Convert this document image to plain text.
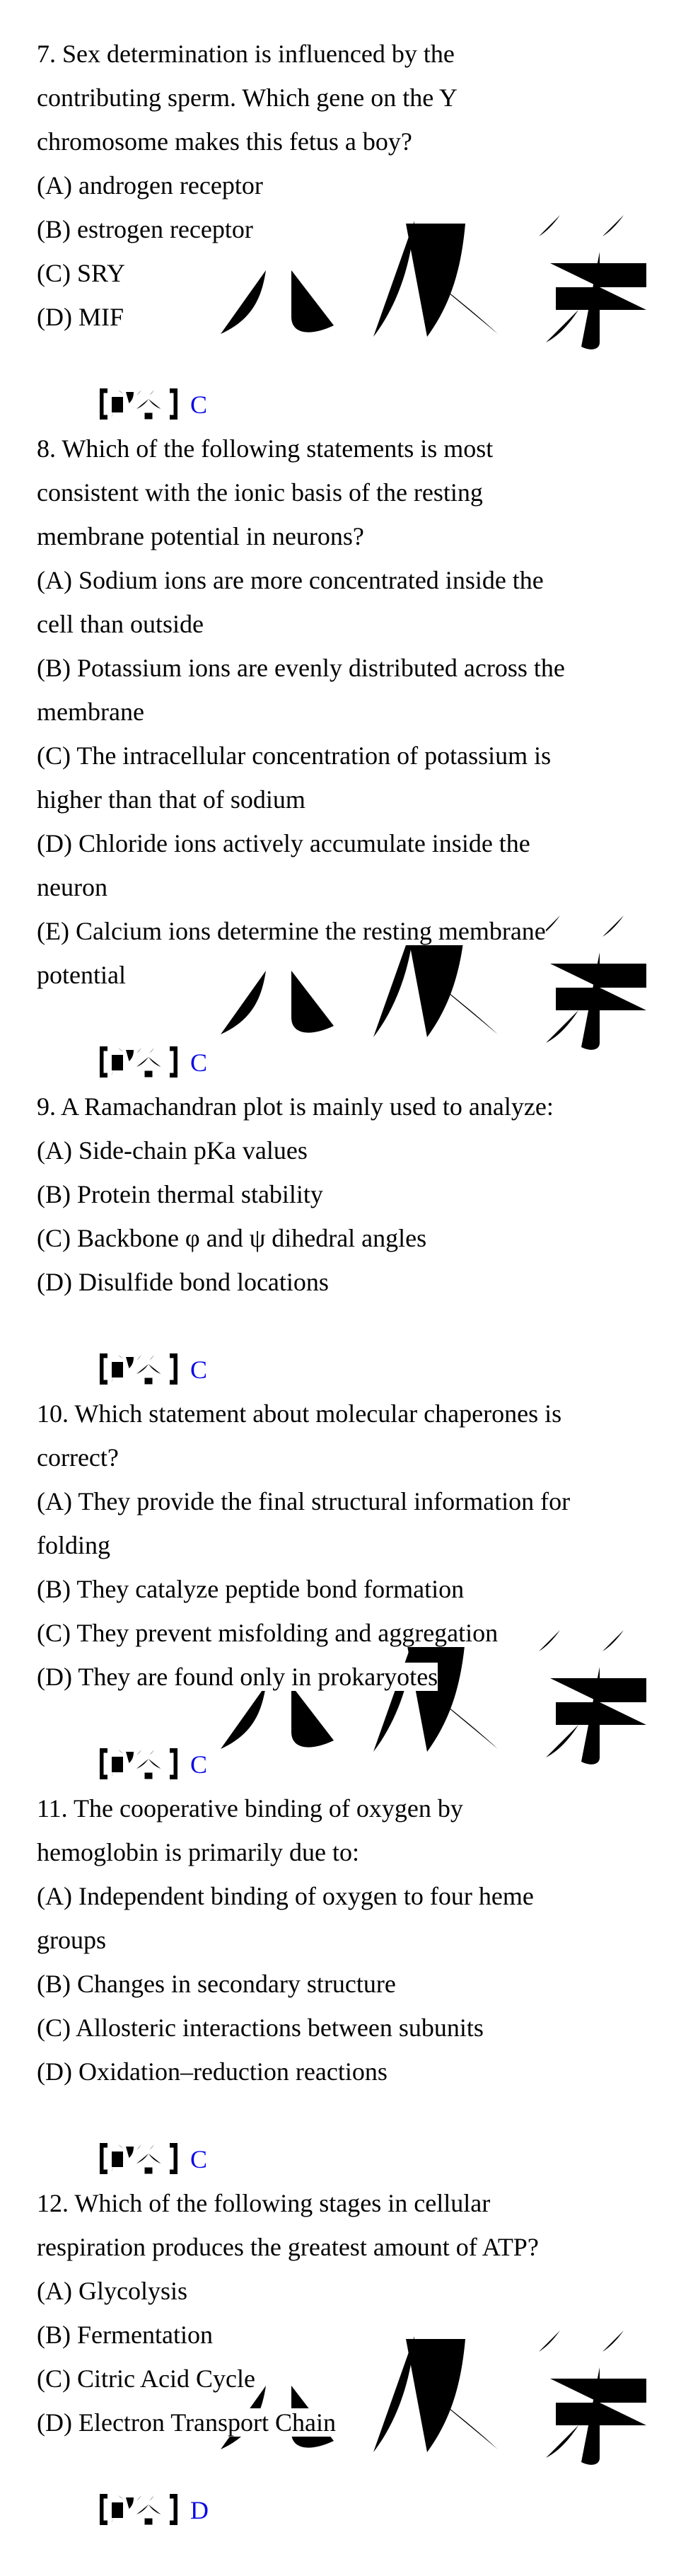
7. Sex determination is influenced by the
contributing sperm. Which gene on the Y
chromosome makes this fetus a boy?
(A) androgen receptor
(B) estrogen receptor
(C) SRY
(D) MIF

C

8. Which of the following statements is most
consistent with the ionic basis of the resting
membrane potential in neurons?
(A) Sodium ions are more concentrated inside the
cell than outside
(B) Potassium ions are evenly distributed across the
membrane
(C) The intracellular concentration of potassium is
higher than that of sodium
(D) Chloride ions actively accumulate inside the
neuron
(E) Calcium ions determine the resting membrane
potential

C

9. A Ramachandran plot is mainly used to analyze:
(A) Side-chain pKa values
(B) Protein thermal stability
(C) Backbone φ and ψ dihedral angles
(D) Disulfide bond locations

C

10. Which statement about molecular chaperones is
correct?
(A) They provide the final structural information for
folding
(B) They catalyze peptide bond formation
(C) They prevent misfolding and aggregation
(D) They are found only in prokaryotes

C

11. The cooperative binding of oxygen by
hemoglobin is primarily due to:
(A) Independent binding of oxygen to four heme
groups
(B) Changes in secondary structure
(C) Allosteric interactions between subunits
(D) Oxidation–reduction reactions

C

12. Which of the following stages in cellular
respiration produces the greatest amount of ATP?
(A) Glycolysis
(B) Fermentation
(C) Citric Acid Cycle
(D) Electron Transport Chain

D
